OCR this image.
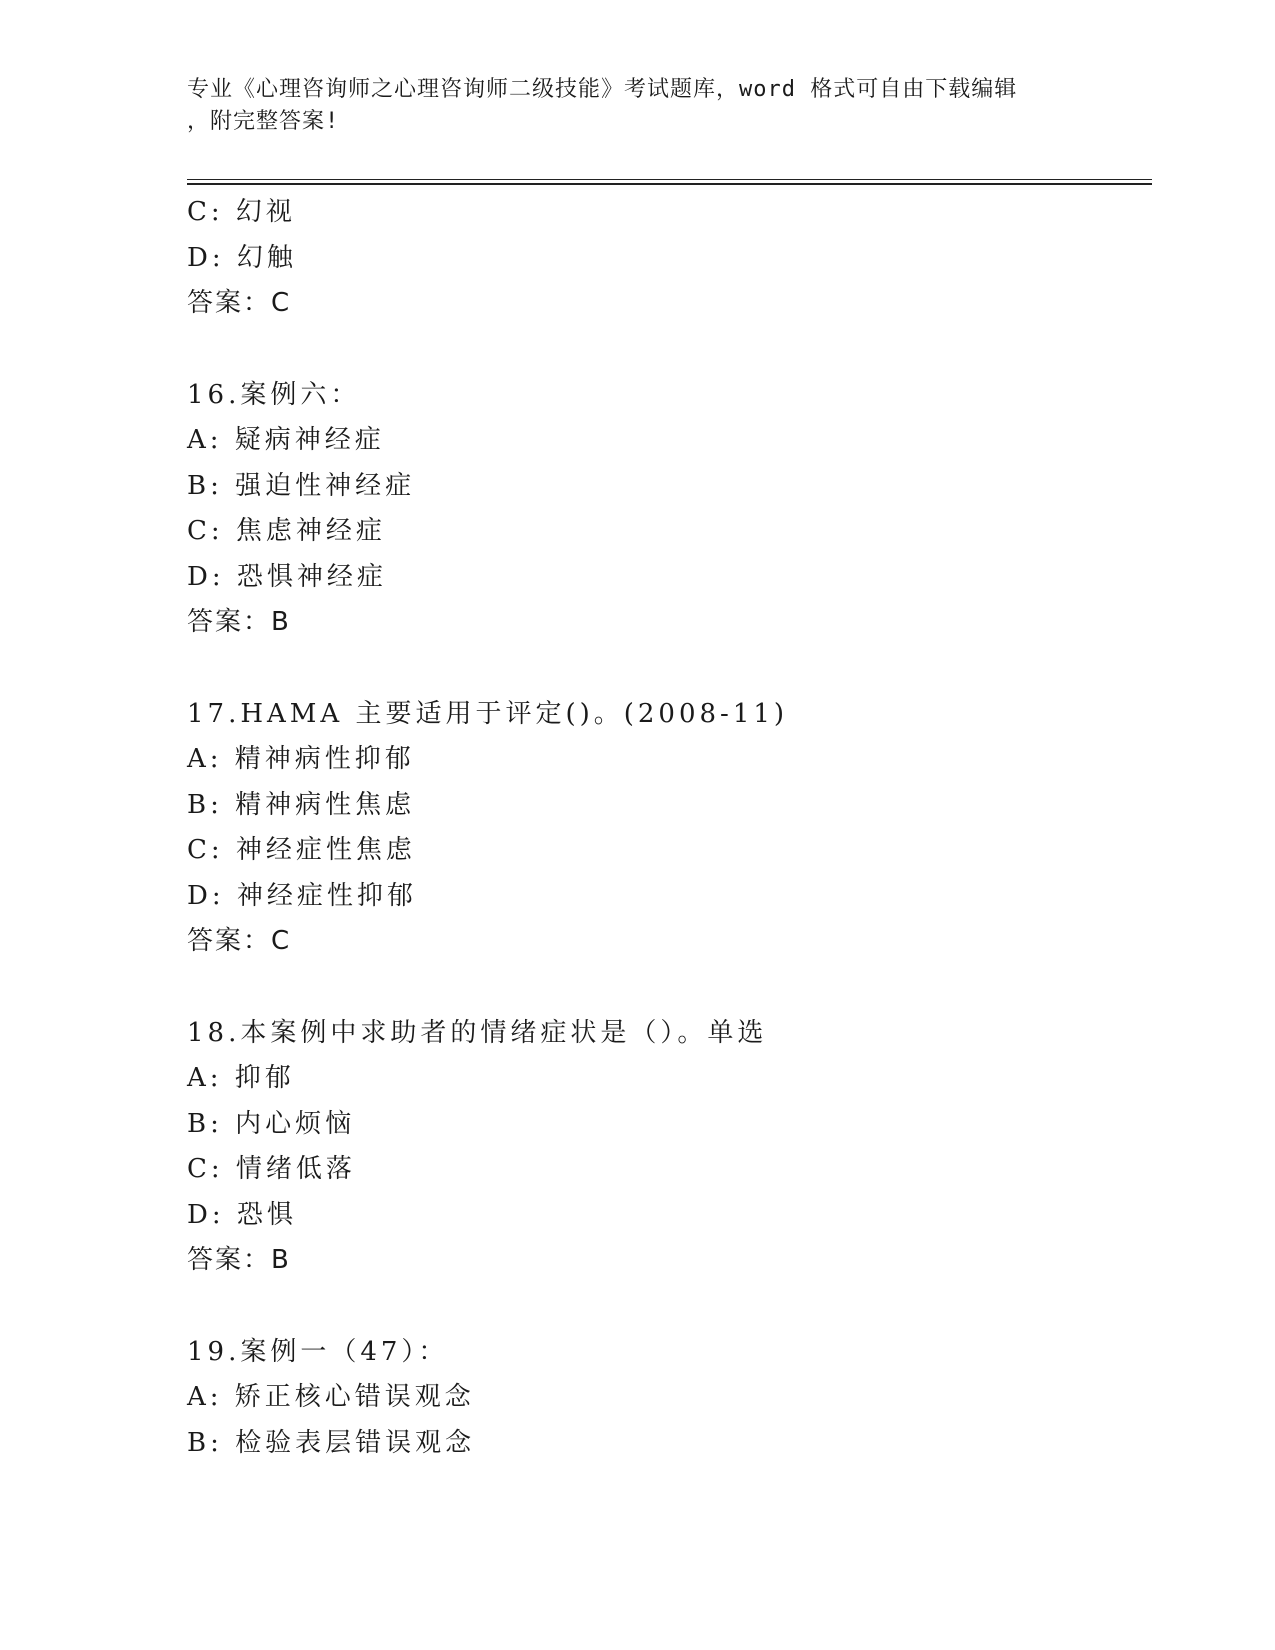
专业《心理咨询师之心理咨询师二级技能》考试题库，word 格式可自由下载编辑
，附完整答案!
C: 幻视
D: 幻触
答案：C
16.案例六：
A: 疑病神经症
B: 强迫性神经症
C: 焦虑神经症
D: 恐惧神经症
答案：B
17.HAMA 主要适用于评定()。(2008-11)
A: 精神病性抑郁
B: 精神病性焦虑
C: 神经症性焦虑
D: 神经症性抑郁
答案：C
18.本案例中求助者的情绪症状是（）。单选
A: 抑郁
B: 内心烦恼
C: 情绪低落
D: 恐惧
答案：B
19.案例一（47）：
A: 矫正核心错误观念
B: 检验表层错误观念
